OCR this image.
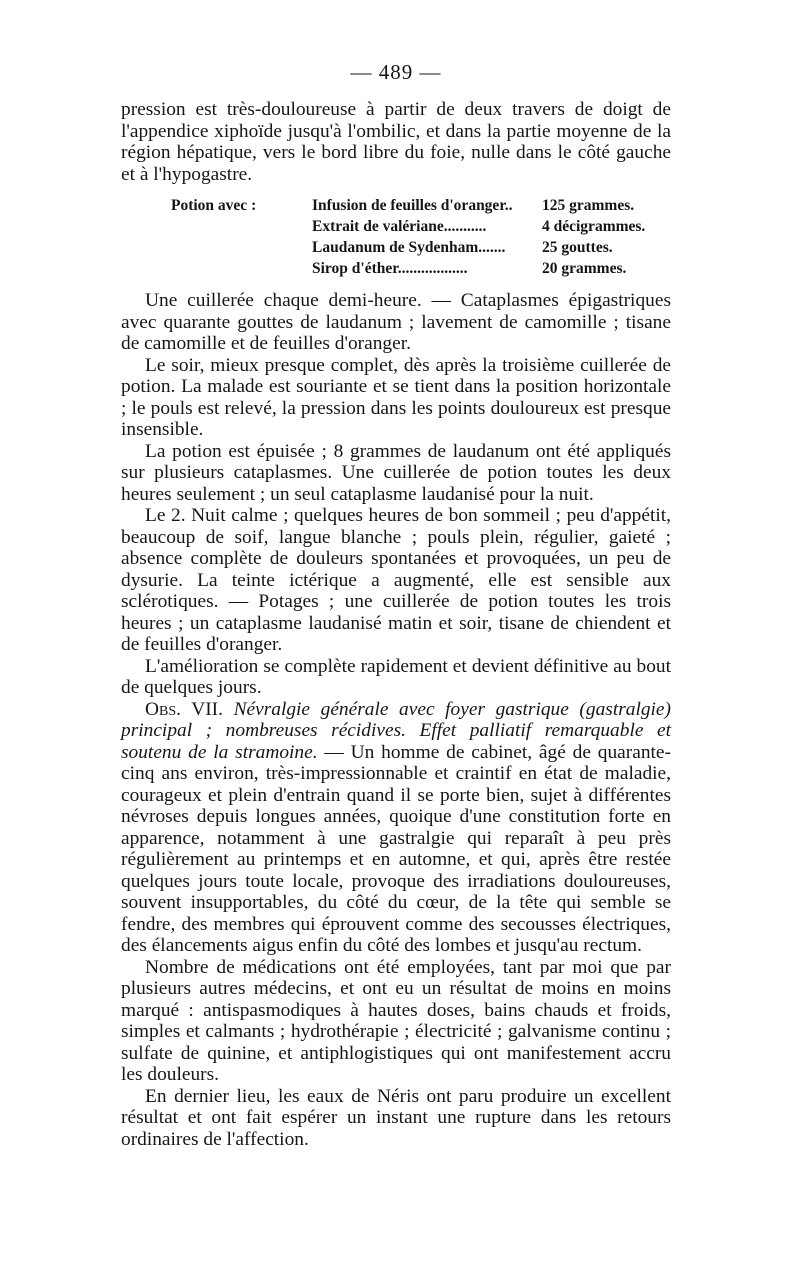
— 489 —

pression est très-douloureuse à partir de deux travers de doigt de l'appendice xiphoïde jusqu'à l'ombilic, et dans la partie moyenne de la région hépatique, vers le bord libre du foie, nulle dans le côté gauche et à l'hypogastre.

Potion avec :	Infusion de feuilles d'oranger..	125 grammes.
Extrait de valériane...........	4 décigrammes.
Laudanum de Sydenham.......	25 gouttes.
Sirop d'éther..................	20 grammes.

Une cuillerée chaque demi-heure. — Cataplasmes épigastriques avec quarante gouttes de laudanum ; lavement de camomille ; tisane de camomille et de feuilles d'oranger.

Le soir, mieux presque complet, dès après la troisième cuillerée de potion. La malade est souriante et se tient dans la position horizontale ; le pouls est relevé, la pression dans les points douloureux est presque insensible.

La potion est épuisée ; 8 grammes de laudanum ont été appliqués sur plusieurs cataplasmes. Une cuillerée de potion toutes les deux heures seulement ; un seul cataplasme laudanisé pour la nuit.

Le 2. Nuit calme ; quelques heures de bon sommeil ; peu d'appétit, beaucoup de soif, langue blanche ; pouls plein, régulier, gaieté ; absence complète de douleurs spontanées et provoquées, un peu de dysurie. La teinte ictérique a augmenté, elle est sensible aux sclérotiques. — Potages ; une cuillerée de potion toutes les trois heures ; un cataplasme laudanisé matin et soir, tisane de chiendent et de feuilles d'oranger.

L'amélioration se complète rapidement et devient définitive au bout de quelques jours.

Obs. VII. Névralgie générale avec foyer gastrique (gastralgie) principal ; nombreuses récidives. Effet palliatif remarquable et soutenu de la stramoine. — Un homme de cabinet, âgé de quarante-cinq ans environ, très-impressionnable et craintif en état de maladie, courageux et plein d'entrain quand il se porte bien, sujet à différentes névroses depuis longues années, quoique d'une constitution forte en apparence, notamment à une gastralgie qui reparaît à peu près régulièrement au printemps et en automne, et qui, après être restée quelques jours toute locale, provoque des irradiations douloureuses, souvent insupportables, du côté du cœur, de la tête qui semble se fendre, des membres qui éprouvent comme des secousses électriques, des élancements aigus enfin du côté des lombes et jusqu'au rectum.

Nombre de médications ont été employées, tant par moi que par plusieurs autres médecins, et ont eu un résultat de moins en moins marqué : antispasmodiques à hautes doses, bains chauds et froids, simples et calmants ; hydrothérapie ; électricité ; galvanisme continu ; sulfate de quinine, et antiphlogistiques qui ont manifestement accru les douleurs.

En dernier lieu, les eaux de Néris ont paru produire un excellent résultat et ont fait espérer un instant une rupture dans les retours ordinaires de l'affection.
